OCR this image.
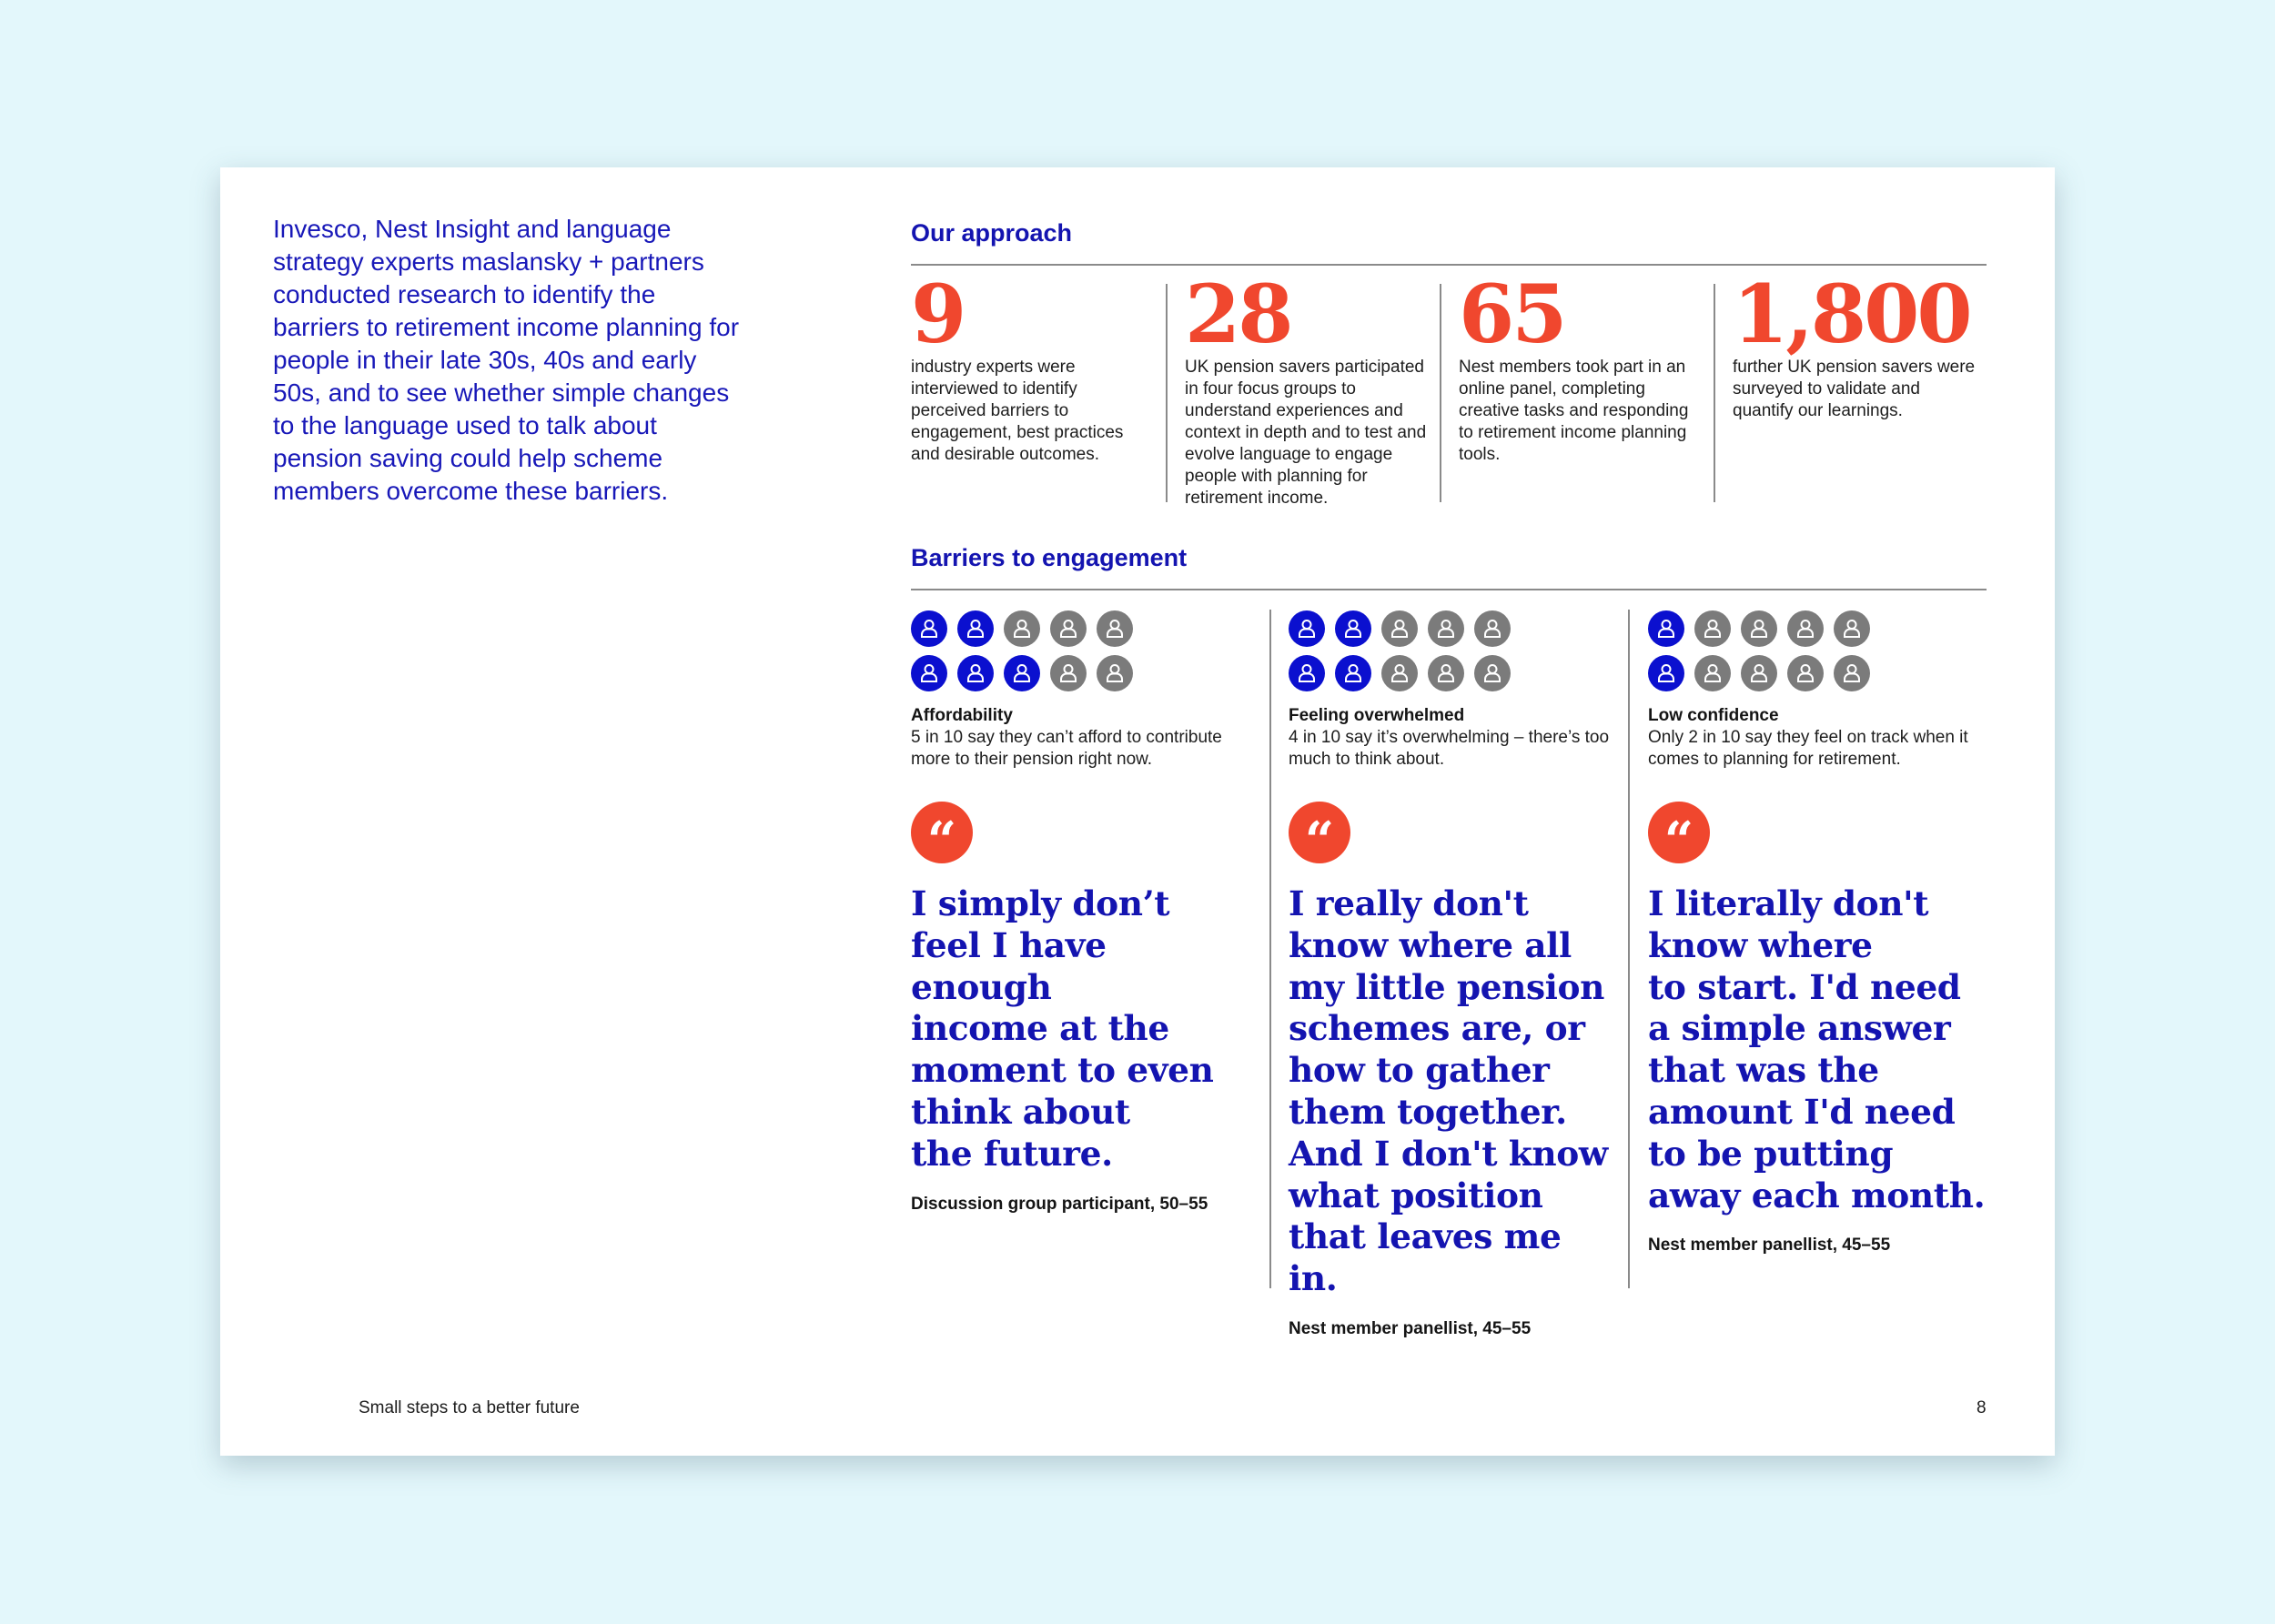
Invesco, Nest Insight and language strategy experts maslansky + partners conducted research to identify the barriers to retirement income planning for people in their late 30s, 40s and early 50s, and to see whether simple changes to the language used to talk about pension saving could help scheme members overcome these barriers.
Our approach
9
industry experts were interviewed to identify perceived barriers to engagement, best practices and desirable outcomes.
28
UK pension savers participated in four focus groups to understand experiences and context in depth and to test and evolve language to engage people with planning for retirement income.
65
Nest members took part in an online panel, completing creative tasks and responding to retirement income planning tools.
1,800
further UK pension savers were surveyed to validate and quantify our learnings.
Barriers to engagement
Affordability
5 in 10 say they can’t afford to contribute more to their pension right now.
“
I simply don’t
feel I have enough
income at the
moment to even
think about
the future.
Discussion group participant, 50–55
Feeling overwhelmed
4 in 10 say it’s overwhelming – there’s too much to think about.
“
I really don't
know where all
my little pension
schemes are, or
how to gather
them together.
And I don't know
what position
that leaves me in.
Nest member panellist, 45–55
Low confidence
Only 2 in 10 say they feel on track when it comes to planning for retirement.
“
I literally don't
know where
to start. I'd need
a simple answer
that was the
amount I'd need
to be putting
away each month.
Nest member panellist, 45–55
Small steps to a better future	8
